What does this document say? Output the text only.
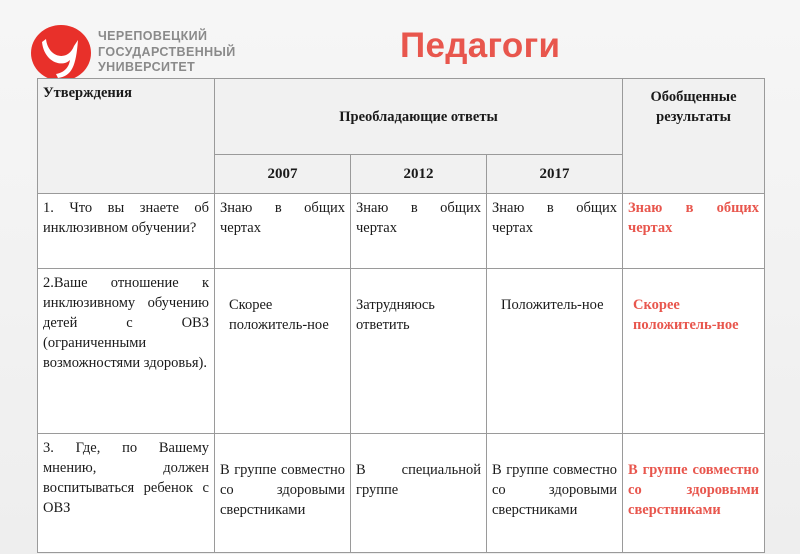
ЧЕРЕПОВЕЦКИЙ
ГОСУДАРСТВЕННЫЙ
УНИВЕРСИТЕТ
Педагоги
Утверждения	Преобладающие ответы			Обобщенные результаты
	2007	2012	2017	
1. Что вы знаете об инклюзивном обучении?	Знаю в общих чертах	Знаю в общих чертах	Знаю в общих чертах	Знаю в общих чертах
2.Ваше отношение к инклюзивному обучению детей с ОВЗ (ограниченными возможностями здоровья).	Скорее положитель-ное	Затрудняюсь ответить	Положитель-ное	Скорее положитель-ное
3. Где, по Вашему мнению, должен воспитываться ребенок с ОВЗ	В группе совместно со здоровыми сверстниками	В специальной группе	В группе совместно со здоровыми сверстниками	В группе совместно со здоровыми сверстниками
